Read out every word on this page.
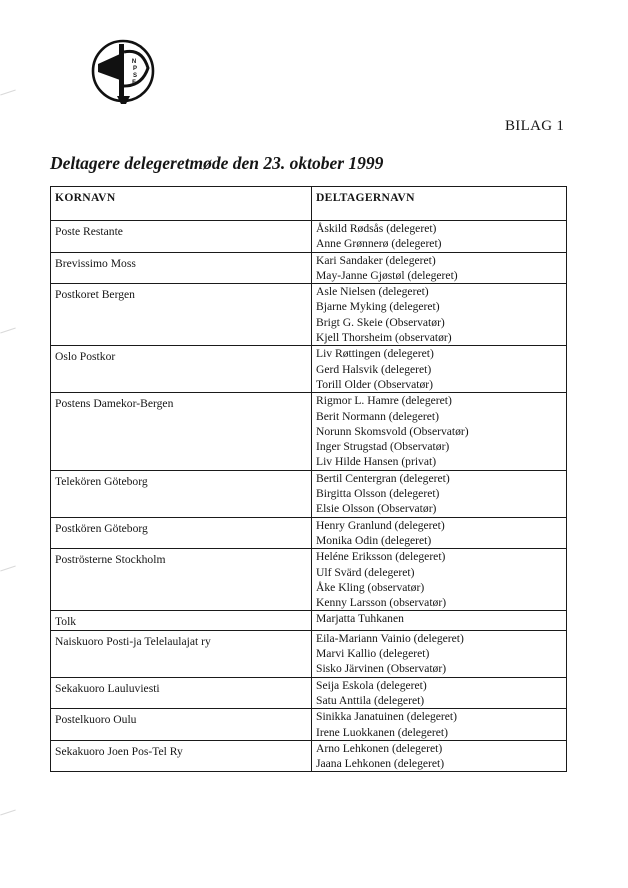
N
P
S
F
BILAG 1
Deltagere delegeretmøde den 23. oktober 1999
KORNAVN	DELTAGERNAVN
Poste Restante	Åskild Rødsås (delegeret)
Anne Grønnerø (delegeret)

Brevissimo Moss	Kari Sandaker (delegeret)
May-Janne Gjøstøl (delegeret)

Postkoret Bergen	Asle Nielsen (delegeret)
Bjarne Myking (delegeret)
Brigt G. Skeie (Observatør)
Kjell Thorsheim (observatør)

Oslo Postkor	Liv Røttingen (delegeret)
Gerd Halsvik (delegeret)
Torill Older (Observatør)

Postens Damekor-Bergen	Rigmor L. Hamre (delegeret)
Berit Normann (delegeret)
Norunn Skomsvold (Observatør)
Inger Strugstad (Observatør)
Liv Hilde Hansen (privat)

Telekören Göteborg	Bertil Centergran (delegeret)
Birgitta Olsson (delegeret)
Elsie Olsson (Observatør)

Postkören Göteborg	Henry Granlund (delegeret)
Monika Odin (delegeret)

Poströsterne Stockholm	Heléne Eriksson (delegeret)
Ulf Svärd (delegeret)
Åke Kling (observatør)
Kenny Larsson (observatør)

Tolk	Marjatta Tuhkanen

Naiskuoro Posti-ja Telelaulajat ry	Eila-Mariann Vainio (delegeret)
Marvi Kallio (delegeret)
Sisko Järvinen (Observatør)

Sekakuoro Lauluviesti	Seija Eskola (delegeret)
Satu Anttila (delegeret)

Postelkuoro Oulu	Sinikka Janatuinen (delegeret)
Irene Luokkanen (delegeret)

Sekakuoro Joen Pos-Tel Ry	Arno Lehkonen (delegeret)
Jaana Lehkonen (delegeret)
